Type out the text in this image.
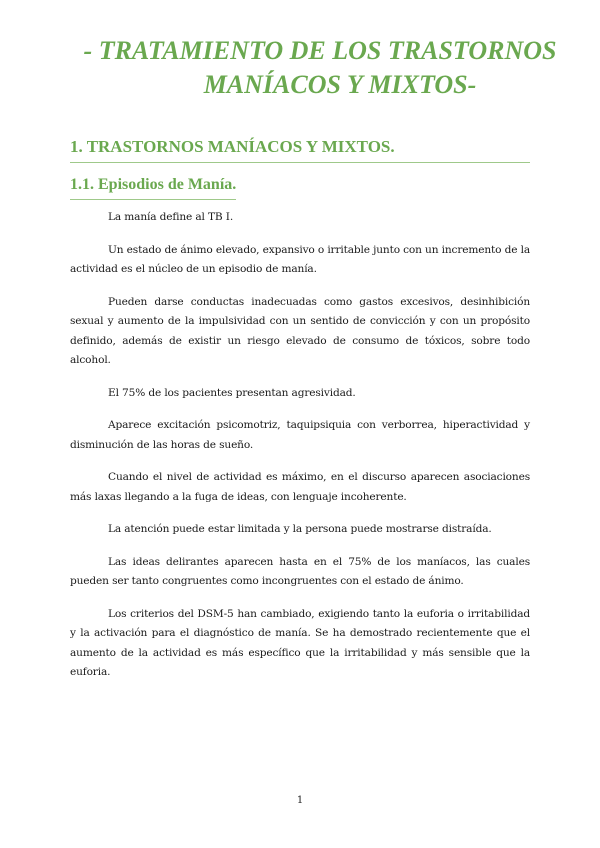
- TRATAMIENTO DE LOS TRASTORNOS
MANÍACOS Y MIXTOS-
1. TRASTORNOS MANÍACOS Y MIXTOS.
1.1. Episodios de Manía.

La manía define al TB I.

Un estado de ánimo elevado, expansivo o irritable junto con un incremento de la actividad es el núcleo de un episodio de manía.

Pueden darse conductas inadecuadas como gastos excesivos, desinhibición sexual y aumento de la impulsividad con un sentido de convicción y con un propósito definido, además de existir un riesgo elevado de consumo de tóxicos, sobre todo alcohol.

El 75% de los pacientes presentan agresividad.

Aparece excitación psicomotriz, taquipsiquia con verborrea, hiperactividad y disminución de las horas de sueño.

Cuando el nivel de actividad es máximo, en el discurso aparecen asociaciones más laxas llegando a la fuga de ideas, con lenguaje incoherente.

La atención puede estar limitada y la persona puede mostrarse distraída.

Las ideas delirantes aparecen hasta en el 75% de los maníacos, las cuales pueden ser tanto congruentes como incongruentes con el estado de ánimo.

Los criterios del DSM-5 han cambiado, exigiendo tanto la euforia o irritabilidad y la activación para el diagnóstico de manía. Se ha demostrado recientemente que el aumento de la actividad es más específico que la irritabilidad y más sensible que la euforia.

1
